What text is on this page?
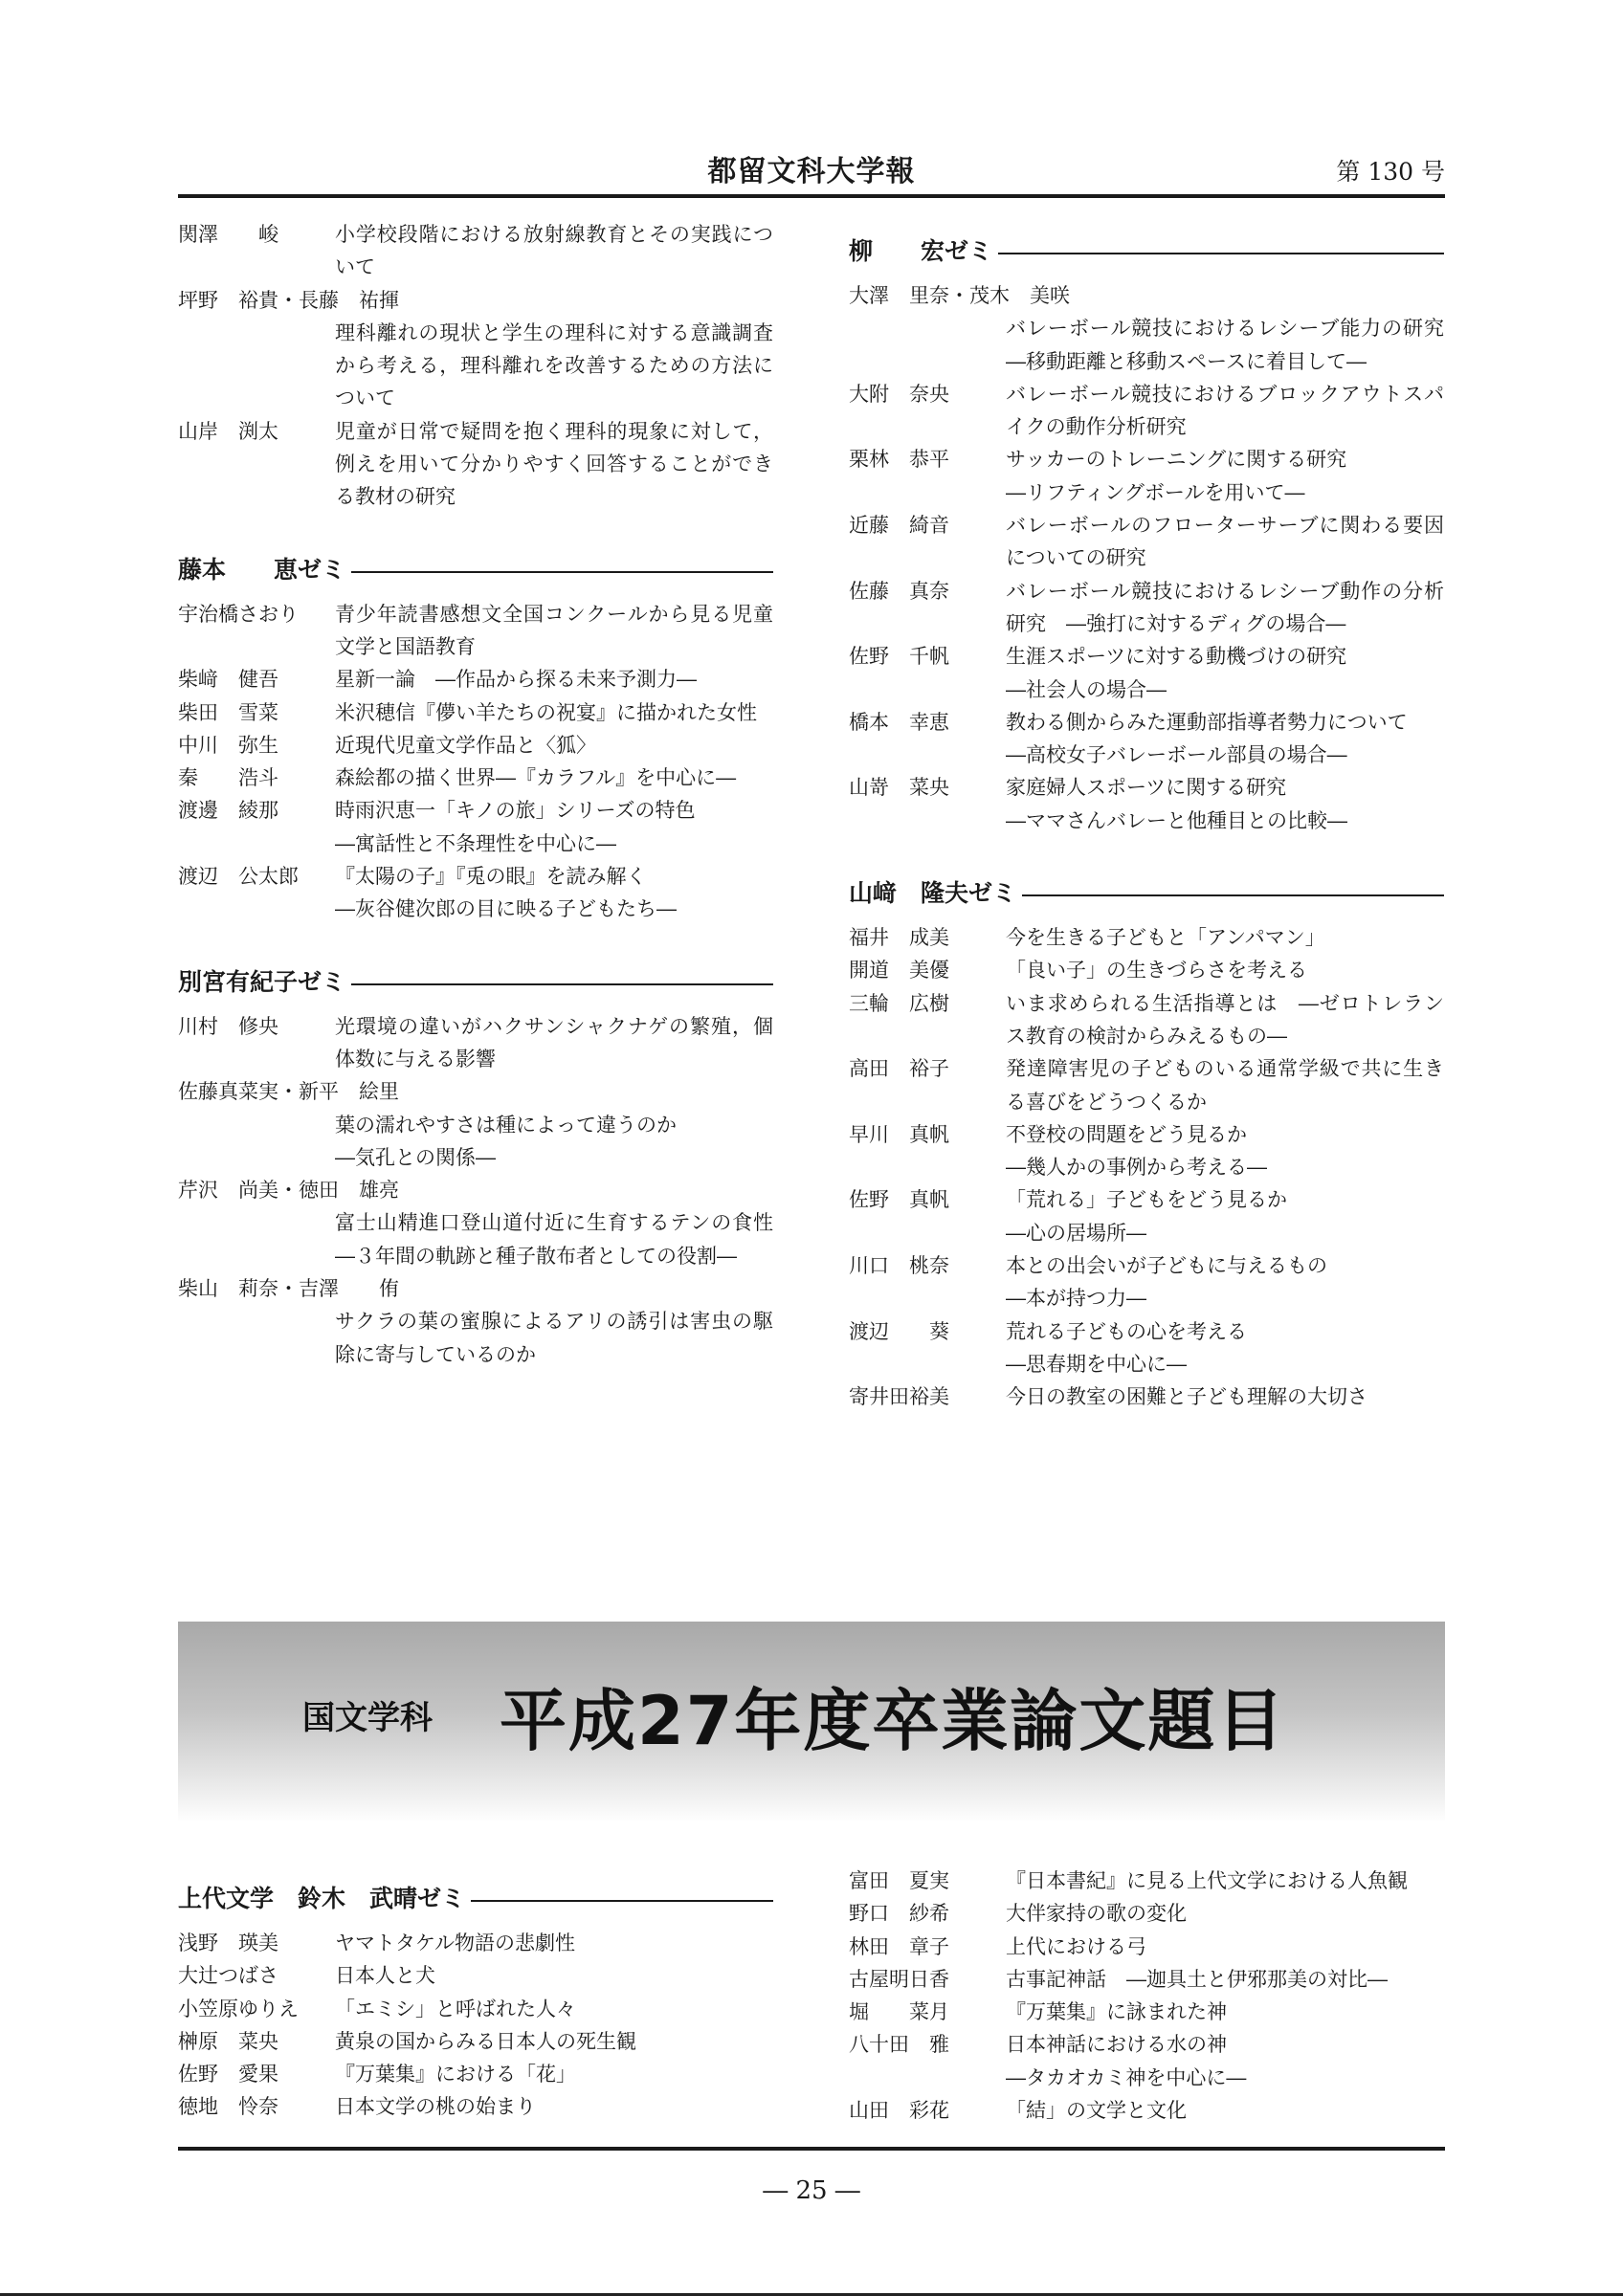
都留文科大学報	第 130 号
関澤　　峻	小学校段階における放射線教育とその実践について
坪野　裕貴・長藤　祐揮
理科離れの現状と学生の理科に対する意識調査から考える，理科離れを改善するための方法について
山岸　渕太	児童が日常で疑問を抱く理科的現象に対して，例えを用いて分かりやすく回答することができる教材の研究
藤本　　恵ゼミ
宇治橋さおり	青少年読書感想文全国コンクールから見る児童文学と国語教育
柴﨑　健吾	星新一論　―作品から探る未来予測力―
柴田　雪菜	米沢穂信『儚い羊たちの祝宴』に描かれた女性
中川　弥生	近現代児童文学作品と〈狐〉
秦　　浩斗	森絵都の描く世界―『カラフル』を中心に―
渡邊　綾那	時雨沢恵一「キノの旅」シリーズの特色
―寓話性と不条理性を中心に―
渡辺　公太郎	『太陽の子』『兎の眼』を読み解く
―灰谷健次郎の目に映る子どもたち―
別宮有紀子ゼミ
川村　修央	光環境の違いがハクサンシャクナゲの繁殖，個体数に与える影響
佐藤真菜実・新平　絵里
葉の濡れやすさは種によって違うのか
―気孔との関係―
芹沢　尚美・徳田　雄亮
富士山精進口登山道付近に生育するテンの食性　―３年間の軌跡と種子散布者としての役割―
柴山　莉奈・吉澤　　侑
サクラの葉の蜜腺によるアリの誘引は害虫の駆除に寄与しているのか
柳　　宏ゼミ
大澤　里奈・茂木　美咲
バレーボール競技におけるレシーブ能力の研究　―移動距離と移動スペースに着目して―
大附　奈央	バレーボール競技におけるブロックアウトスパイクの動作分析研究
栗林　恭平	サッカーのトレーニングに関する研究
―リフティングボールを用いて―
近藤　綺音	バレーボールのフローターサーブに関わる要因についての研究
佐藤　真奈	バレーボール競技におけるレシーブ動作の分析研究　―強打に対するディグの場合―
佐野　千帆	生涯スポーツに対する動機づけの研究
―社会人の場合―
橋本　幸恵	教わる側からみた運動部指導者勢力について
―高校女子バレーボール部員の場合―
山嵜　菜央	家庭婦人スポーツに関する研究
―ママさんバレーと他種目との比較―
山﨑　隆夫ゼミ
福井　成美	今を生きる子どもと「アンパマン」
開道　美優	「良い子」の生きづらさを考える
三輪　広樹	いま求められる生活指導とは　―ゼロトレランス教育の検討からみえるもの―
高田　裕子	発達障害児の子どものいる通常学級で共に生きる喜びをどうつくるか
早川　真帆	不登校の問題をどう見るか
―幾人かの事例から考える―
佐野　真帆	「荒れる」子どもをどう見るか
―心の居場所―
川口　桃奈	本との出会いが子どもに与えるもの
―本が持つ力―
渡辺　　葵	荒れる子どもの心を考える
―思春期を中心に―
寄井田裕美	今日の教室の困難と子ども理解の大切さ
国文学科 平成27年度卒業論文題目
上代文学　鈴木　武晴ゼミ
浅野　瑛美	ヤマトタケル物語の悲劇性
大辻つばさ	日本人と犬
小笠原ゆりえ	「エミシ」と呼ばれた人々
榊原　菜央	黄泉の国からみる日本人の死生観
佐野　愛果	『万葉集』における「花」
徳地　怜奈	日本文学の桃の始まり
富田　夏実	『日本書紀』に見る上代文学における人魚観
野口　紗希	大伴家持の歌の変化
林田　章子	上代における弓
古屋明日香	古事記神話　―迦具土と伊邪那美の対比―
堀　　菜月	『万葉集』に詠まれた神
八十田　雅	日本神話における水の神
―タカオカミ神を中心に―
山田　彩花	「結」の文学と文化
― 25 ―
